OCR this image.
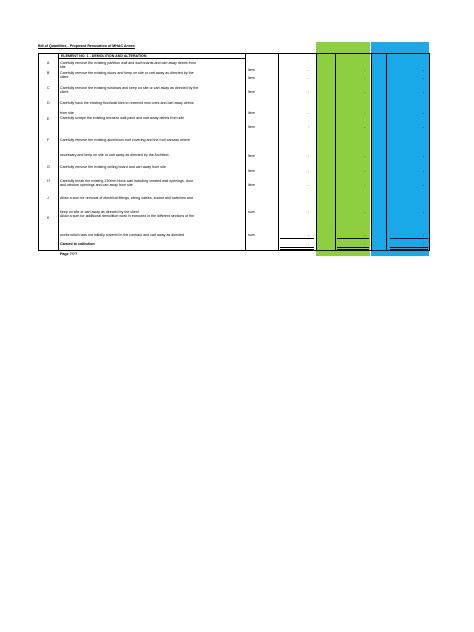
Bill of Quantities - Proposed Renovation of MHAC Annex
ELEMENT NO. 1 - DEMOLITION AND ALTERATION
A	Carefully remove the existing partition wall and wall boards and cart away debris from
site
Item	-	-	-
B	Carefully remove the existing doors and keep on site or cart away as directed by the
client	Item	-	-	-
C	Carefully remove the existing windows and keep on site or cart away as directed by the
client	Item	-	-	-
D	Carefully hack the existing floor/wall tiles to received new ones and cart away debris
from site	Item	-	-	-
E	Carefully scrape the existing terrazzo wall paint and cart away debris from site
Item	-	-	-
F	Carefully remove the existing aluminium roof covering and the roof carcass where
necessary and keep on site or cart away as directed by the Architect.	Item	-	-	-
G	Carefully remove the existing ceiling board and cart away from site
Item	-	-	-
H	Carefully break the existing 230mm block wall including created wall openings, door
and window openings and cart away from site	Item	-	-	-
J	Allow a sum for removal of electrical fittings, wiring cables, socket and switches and
keep on site or cart away as directed by the client	sum	-	-	-
K	Allow a sum for additional demolition work in executed in the different sections of the
works which was not initially covered in the contract and cart away as directed	sum	-	-	-
Carried to collection	-	-	-
Page ?/??
